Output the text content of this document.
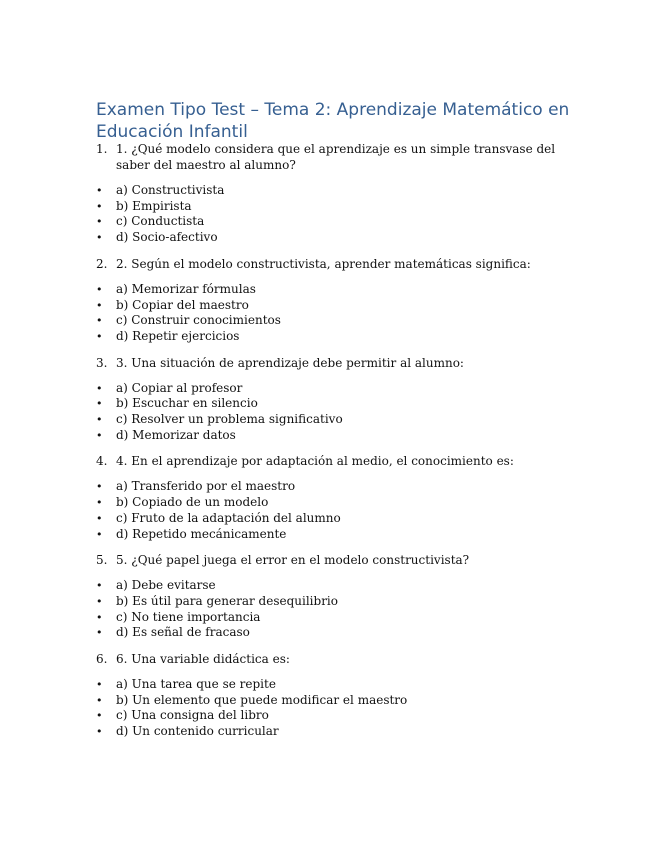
Examen Tipo Test – Tema 2: Aprendizaje Matemático en Educación Infantil
1. 1. ¿Qué modelo considera que el aprendizaje es un simple transvase del saber del maestro al alumno?
• a) Constructivista
• b) Empirista
• c) Conductista
• d) Socio-afectivo
2. 2. Según el modelo constructivista, aprender matemáticas significa:
• a) Memorizar fórmulas
• b) Copiar del maestro
• c) Construir conocimientos
• d) Repetir ejercicios
3. 3. Una situación de aprendizaje debe permitir al alumno:
• a) Copiar al profesor
• b) Escuchar en silencio
• c) Resolver un problema significativo
• d) Memorizar datos
4. 4. En el aprendizaje por adaptación al medio, el conocimiento es:
• a) Transferido por el maestro
• b) Copiado de un modelo
• c) Fruto de la adaptación del alumno
• d) Repetido mecánicamente
5. 5. ¿Qué papel juega el error en el modelo constructivista?
• a) Debe evitarse
• b) Es útil para generar desequilibrio
• c) No tiene importancia
• d) Es señal de fracaso
6. 6. Una variable didáctica es:
• a) Una tarea que se repite
• b) Un elemento que puede modificar el maestro
• c) Una consigna del libro
• d) Un contenido curricular
